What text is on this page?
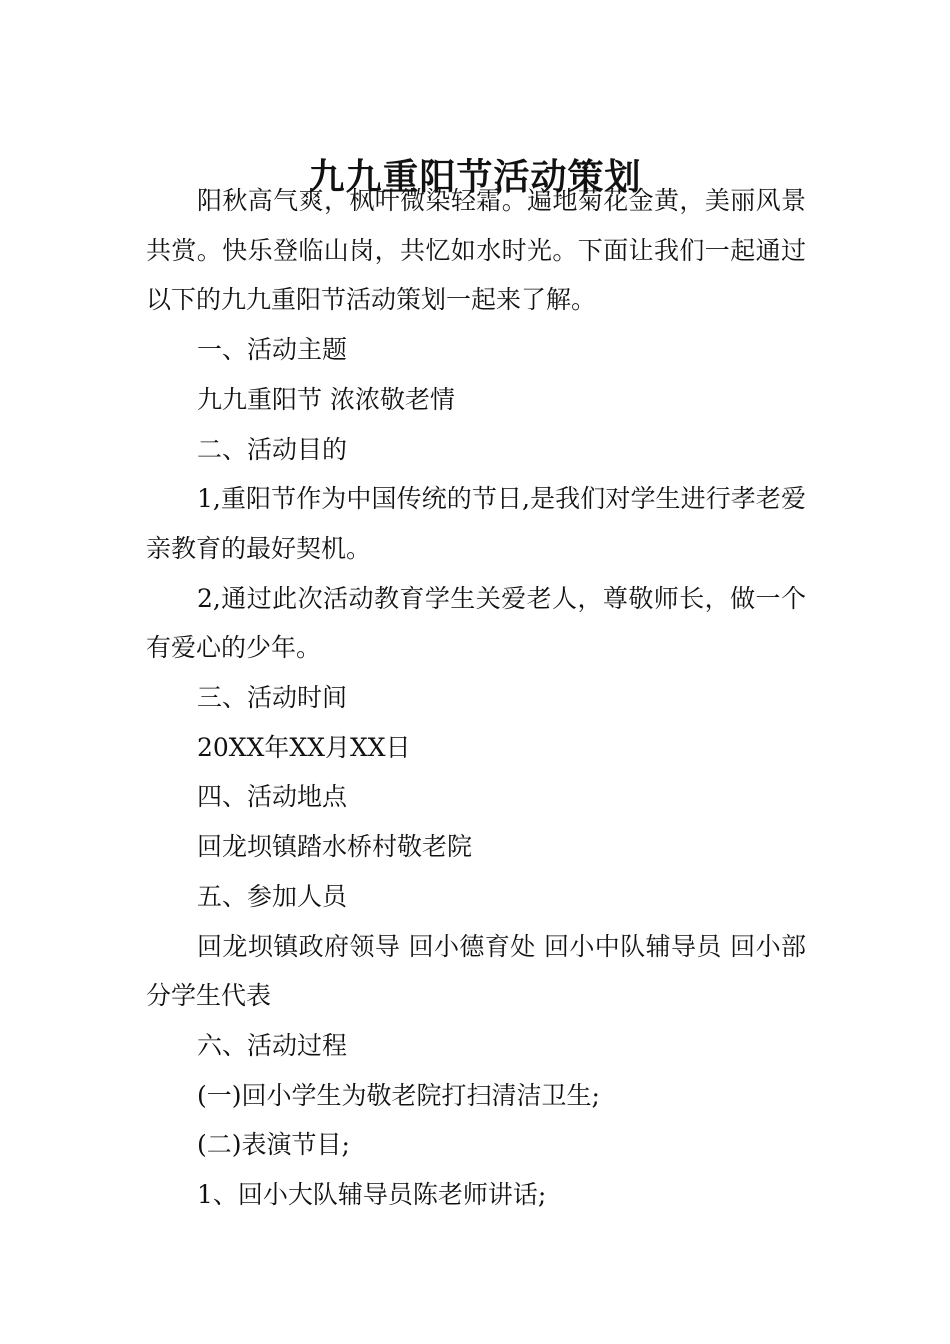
九九重阳节活动策划

阳秋高气爽，枫叶微染轻霜。遍地菊花金黄，美丽风景共赏。快乐登临山岗，共忆如水时光。下面让我们一起通过以下的九九重阳节活动策划一起来了解。

一、活动主题

九九重阳节 浓浓敬老情

二、活动目的

1,重阳节作为中国传统的节日,是我们对学生进行孝老爱亲教育的最好契机。

2,通过此次活动教育学生关爱老人，尊敬师长，做一个有爱心的少年。

三、活动时间

20XX年XX月XX日

四、活动地点

回龙坝镇踏水桥村敬老院

五、参加人员

回龙坝镇政府领导 回小德育处 回小中队辅导员 回小部分学生代表

六、活动过程

(一)回小学生为敬老院打扫清洁卫生;

(二)表演节目;

1、回小大队辅导员陈老师讲话;
